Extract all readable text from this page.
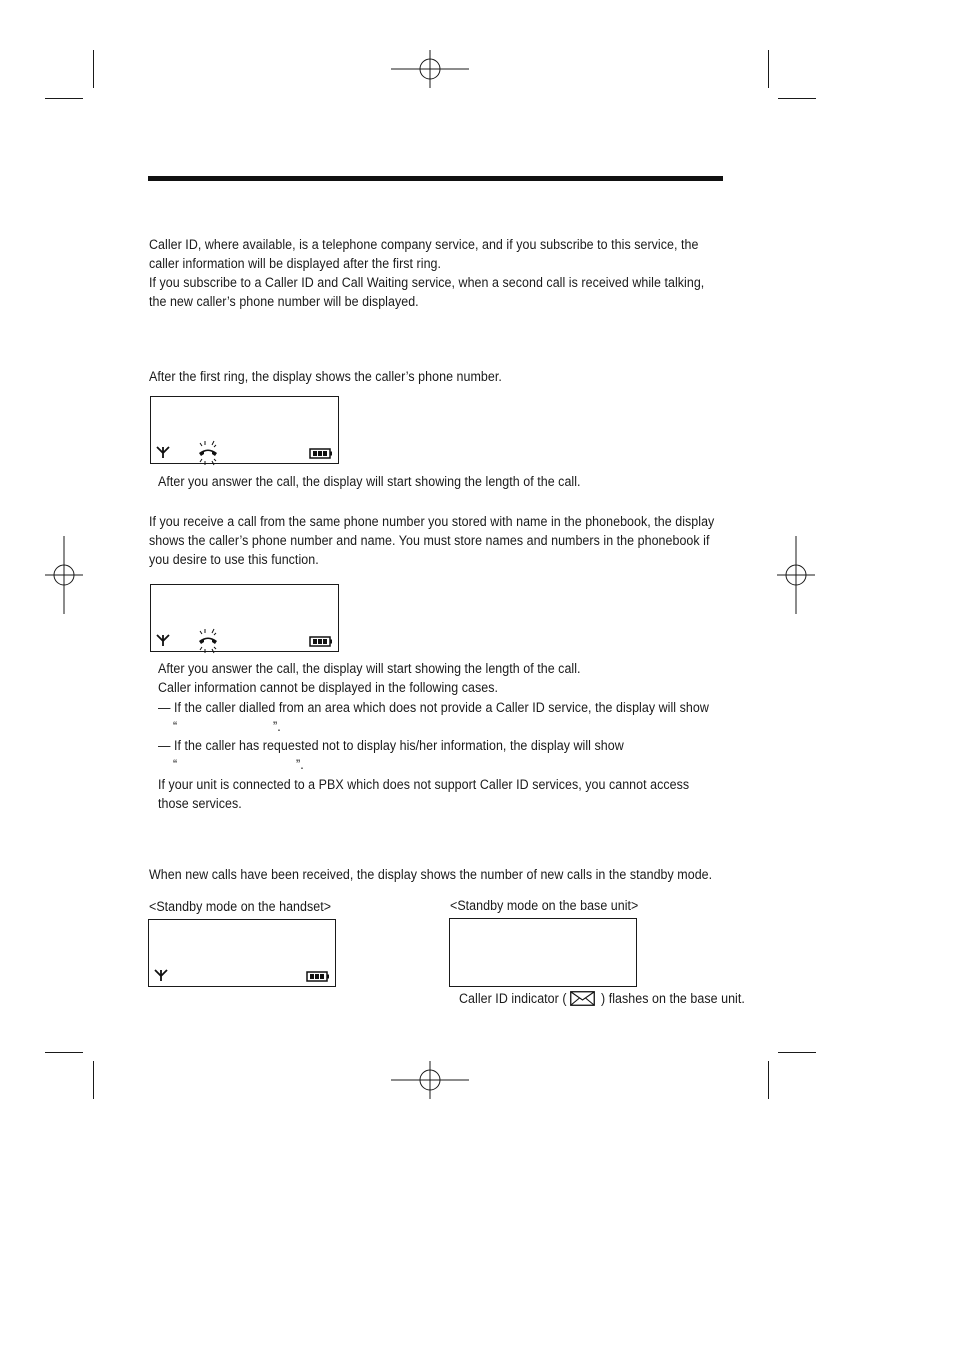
Caller ID, where available, is a telephone company service, and if you subscribe to this service, the
caller information will be displayed after the first ring.
If you subscribe to a Caller ID and Call Waiting service, when a second call is received while talking,
the new caller’s phone number will be displayed.
After the first ring, the display shows the caller’s phone number.
After you answer the call, the display will start showing the length of the call.
If you receive a call from the same phone number you stored with name in the phonebook, the display
shows the caller’s phone number and name. You must store names and numbers in the phonebook if
you desire to use this function.
After you answer the call, the display will start showing the length of the call.
Caller information cannot be displayed in the following cases.
— If the caller dialled from an area which does not provide a Caller ID service, the display will show
“	”.
— If the caller has requested not to display his/her information, the display will show
“	”.
If your unit is connected to a PBX which does not support Caller ID services, you cannot access
those services.
When new calls have been received, the display shows the number of new calls in the standby mode.
<Standby mode on the handset>	<Standby mode on the base unit>
Caller ID indicator (	) flashes on the base unit.
